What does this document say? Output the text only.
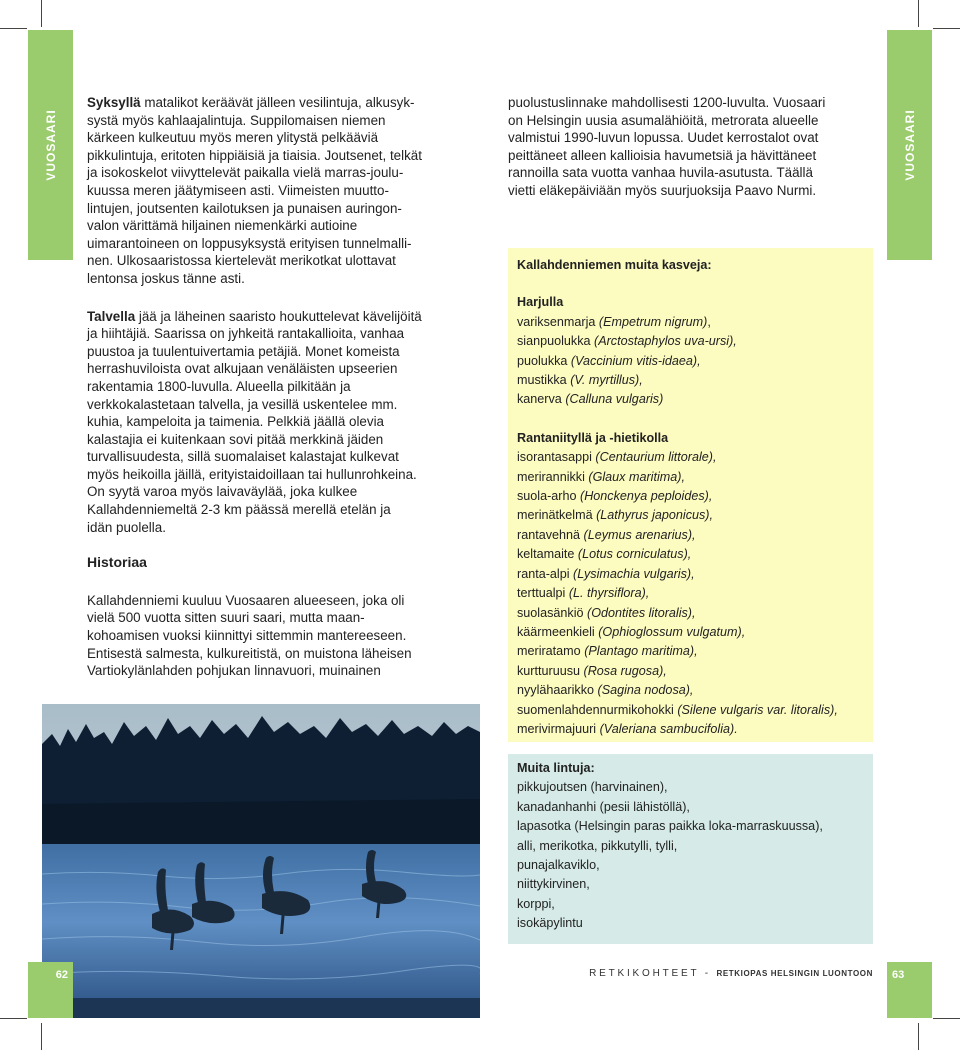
VUOSAARI	VUOSAARI

Syksyllä matalikot keräävät jälleen vesilintuja, alkusyk-
systä myös kahlaajalintuja. Suppilomaisen niemen
kärkeen kulkeutuu myös meren ylitystä pelkääviä
pikkulintuja, eritoten hippiäisiä ja tiaisia. Joutsenet, telkät
ja isokoskelot viivyttelevät paikalla vielä marras-joulu-
kuussa meren jäätymiseen asti. Viimeisten muutto-
lintujen, joutsenten kailotuksen ja punaisen auringon-
valon värittämä hiljainen niemenkärki autioine
uimarantoineen on loppusyksystä erityisen tunnelmalli-
nen. Ulkosaaristossa kiertelevät merikotkat ulottavat
lentonsa joskus tänne asti.

Talvella jää ja läheinen saaristo houkuttelevat kävelijöitä
ja hiihtäjiä. Saarissa on jyhkeitä rantakallioita, vanhaa
puustoa ja tuulentuivertamia petäjiä. Monet komeista
herrashuviloista ovat alkujaan venäläisten upseerien
rakentamia 1800-luvulla. Alueella pilkitään ja
verkkokalastetaan talvella, ja vesillä uskentelee mm.
kuhia, kampeloita ja taimenia. Pelkkiä jäällä olevia
kalastajia ei kuitenkaan sovi pitää merkkinä jäiden
turvallisuudesta, sillä suomalaiset kalastajat kulkevat
myös heikoilla jäillä, erityistaidoillaan tai hullunrohkeina.
On syytä varoa myös laivaväylää, joka kulkee
Kallahdenniemeltä 2-3 km päässä merellä etelän ja
idän puolella.

Historiaa

Kallahdenniemi kuuluu Vuosaaren alueeseen, joka oli
vielä 500 vuotta sitten suuri saari, mutta maan-
kohoamisen vuoksi kiinnittyi sittemmin mantereeseen.
Entisestä salmesta, kulkureitistä, on muistona läheisen
Vartiokylänlahden pohjukan linnavuori, muinainen

puolustuslinnake mahdollisesti 1200-luvulta. Vuosaari
on Helsingin uusia asumalähiöitä, metrorata alueelle
valmistui 1990-luvun lopussa. Uudet kerrostalot ovat
peittäneet alleen kallioisia havumetsiä ja hävittäneet
rannoilla sata vuotta vanhaa huvila-asutusta. Täällä
vietti eläkepäiviään myös suurjuoksija Paavo Nurmi.

Kallahdenniemen muita kasveja:
Harjulla
variksenmarja (Empetrum nigrum),
sianpuolukka (Arctostaphylos uva-ursi),
puolukka (Vaccinium vitis-idaea),
mustikka (V. myrtillus),
kanerva (Calluna vulgaris)
Rantaniityllä ja -hietikolla
isorantasappi (Centaurium littorale),
merirannikki (Glaux maritima),
suola-arho (Honckenya peploides),
merinätkelmä (Lathyrus japonicus),
rantavehnä (Leymus arenarius),
keltamaite (Lotus corniculatus),
ranta-alpi (Lysimachia vulgaris),
terttualpi (L. thyrsiflora),
suolasänkiö (Odontites litoralis),
käärmeenkieli (Ophioglossum vulgatum),
meriratamo (Plantago maritima),
kurtturuusu (Rosa rugosa),
nyylähaarikko (Sagina nodosa),
suomenlahdennurmikohokki (Silene vulgaris var. litoralis),
merivirmajuuri (Valeriana sambucifolia).
Muita lintuja:
pikkujoutsen (harvinainen),
kanadanhanhi (pesii lähistöllä),
lapasotka (Helsingin paras paikka loka-marraskuussa),
alli, merikotka, pikkutylli, tylli,
punajalkaviklo,
niittykirvinen,
korppi,
isokäpylintu
62	63
RETKIKOHTEET - RETKIOPAS HELSINGIN LUONTOON
